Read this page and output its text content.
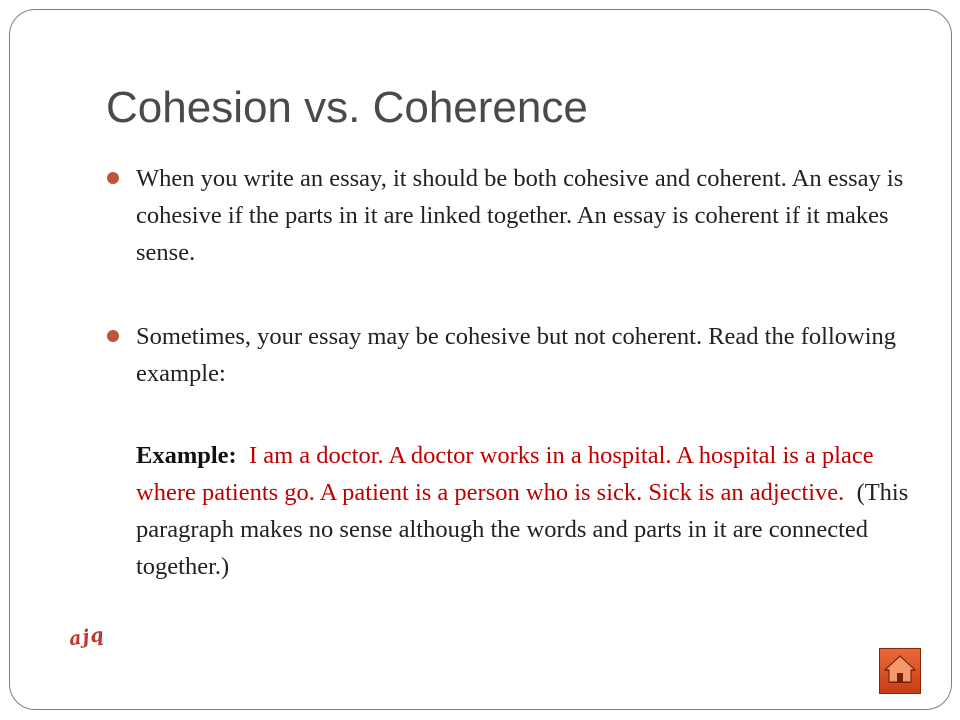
Cohesion vs. Coherence
When you write an essay, it should be both cohesive and coherent. An essay is cohesive if the parts in it are linked together. An essay is coherent if it makes sense.
Sometimes, your essay may be cohesive but not coherent. Read the following example:

Example: I am a doctor. A doctor works in a hospital. A hospital is a place where patients go. A patient is a person who is sick. Sick is an adjective. (This paragraph makes no sense although the words and parts in it are connected together.)

ajq
